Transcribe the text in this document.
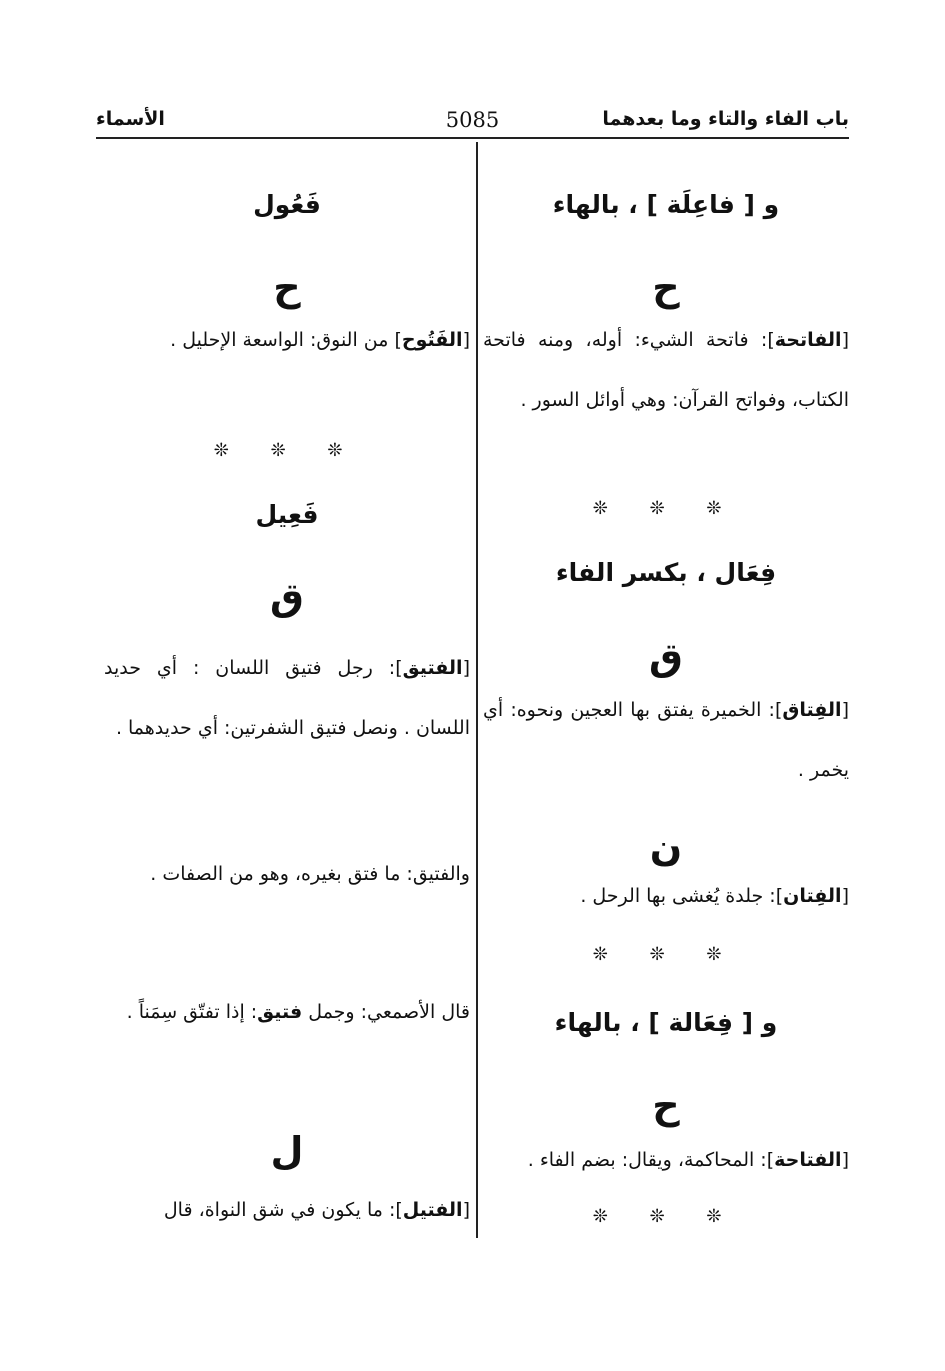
باب الفاء والتاء وما بعدهما
5085
الأسماء
و [ فاعِلَة ] ، بالهاء
ح

[الفاتحة]: فاتحة الشيء: أوله، ومنه فاتحة الكتاب، وفواتح القرآن: وهي أوائل السور .

❊ ❊ ❊
فِعَال ، بكسر الفاء
ق

[الفِتاق]: الخميرة يفتق بها العجين ونحوه: أي يخمر .

ن

[الفِتان]: جلدة يُغشى بها الرحل .

❊ ❊ ❊
و [ فِعَالة ] ، بالهاء
ح

[الفتاحة]: المحاكمة، ويقال: بضم الفاء .

❊ ❊ ❊
فَعُول
ح

[الفَتُوح] من النوق: الواسعة الإحليل .

❊ ❊ ❊
فَعِيل
ق

[الفتيق]: رجل فتيق اللسان : أي حديد اللسان . ونصل فتيق الشفرتين: أي حديدهما .

والفتيق: ما فتق بغيره، وهو من الصفات .

قال الأصمعي: وجمل فتيق: إذا تفتّق سِمَناً .

ل

[الفتيل]: ما يكون في شق النواة، قال
